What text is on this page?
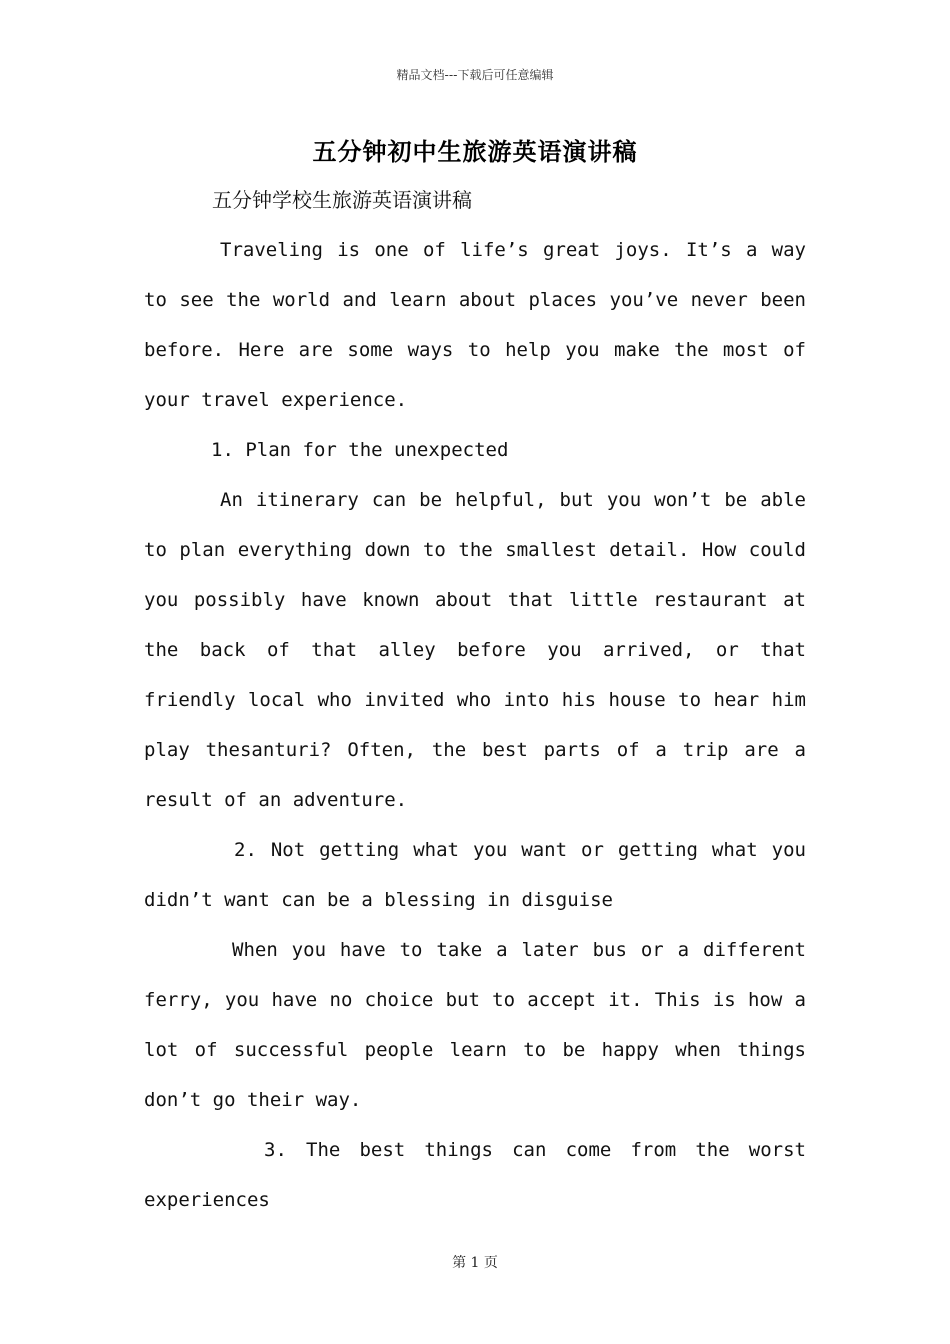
精品文档---下载后可任意编辑
五分钟初中生旅游英语演讲稿

五分钟学校生旅游英语演讲稿

Traveling is one of life’s great joys. It’s a way to see the world and learn about places you’ve never been before. Here are some ways to help you make the most of your travel experience.

1. Plan for the unexpected

An itinerary can be helpful, but you won’t be able to plan everything down to the smallest detail. How could you possibly have known about that little restaurant at the back of that alley before you arrived, or that friendly local who invited who into his house to hear him play thesanturi? Often, the best parts of a trip are a result of an adventure.

2. Not getting what you want or getting what you didn’t want can be a blessing in disguise

When you have to take a later bus or a different ferry, you have no choice but to accept it. This is how a lot of successful people learn to be happy when things don’t go their way.

3. The best things can come from the worst experiences

第 1 页
